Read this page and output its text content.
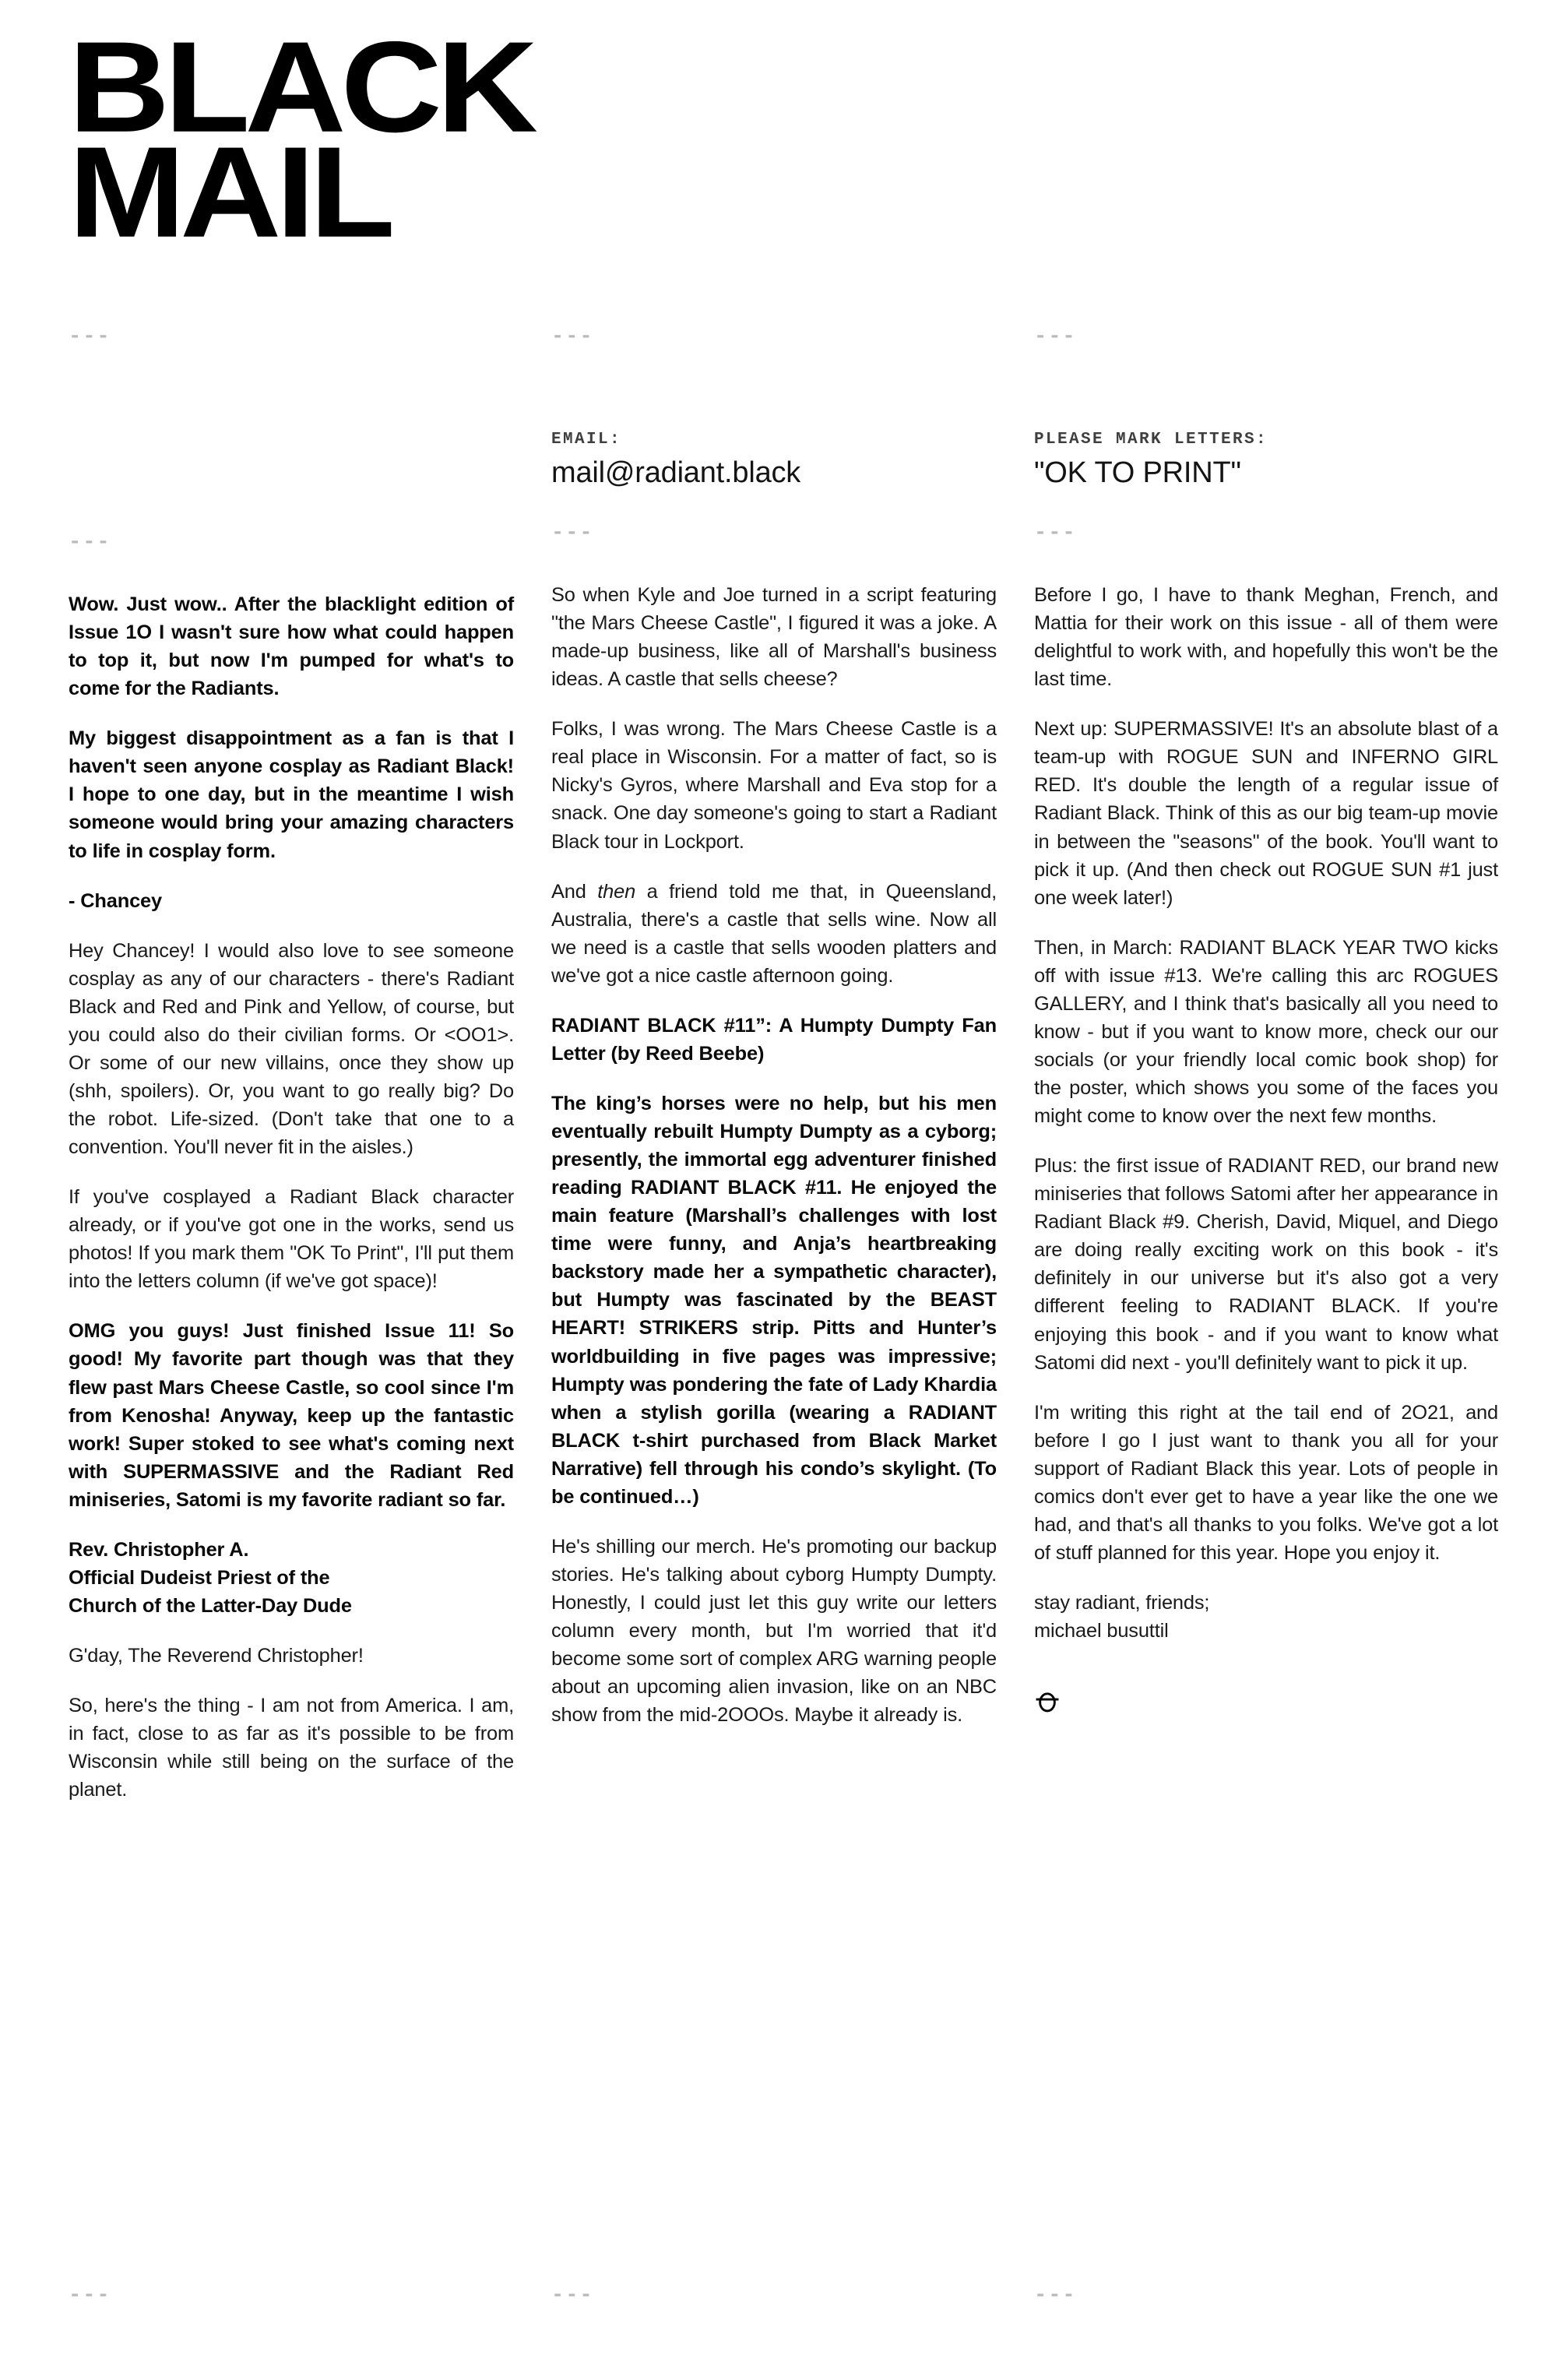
BLACK
MAIL
---
---

Wow. Just wow.. After the blacklight edition of Issue 1O I wasn't sure how what could happen to top it, but now I'm pumped for what's to come for the Radiants.

My biggest disappointment as a fan is that I haven't seen anyone cosplay as Radiant Black! I hope to one day, but in the meantime I wish someone would bring your amazing characters to life in cosplay form.

- Chancey

Hey Chancey! I would also love to see someone cosplay as any of our characters - there's Radiant Black and Red and Pink and Yellow, of course, but you could also do their civilian forms. Or <OO1>. Or some of our new villains, once they show up (shh, spoilers). Or, you want to go really big? Do the robot. Life-sized. (Don't take that one to a convention. You'll never fit in the aisles.)

If you've cosplayed a Radiant Black character already, or if you've got one in the works, send us photos! If you mark them "OK To Print", I'll put them into the letters column (if we've got space)!

OMG you guys! Just finished Issue 11! So good! My favorite part though was that they flew past Mars Cheese Castle, so cool since I'm from Kenosha! Anyway, keep up the fantastic work! Super stoked to see what's coming next with SUPERMASSIVE and the Radiant Red miniseries, Satomi is my favorite radiant so far.

Rev. Christopher A.
Official Dudeist Priest of the
Church of the Latter-Day Dude

G'day, The Reverend Christopher!

So, here's the thing - I am not from America. I am, in fact, close to as far as it's possible to be from Wisconsin while still being on the surface of the planet.

---
EMAIL:
mail@radiant.black
---

So when Kyle and Joe turned in a script featuring "the Mars Cheese Castle", I figured it was a joke. A made-up business, like all of Marshall's business ideas. A castle that sells cheese?

Folks, I was wrong. The Mars Cheese Castle is a real place in Wisconsin. For a matter of fact, so is Nicky's Gyros, where Marshall and Eva stop for a snack. One day someone's going to start a Radiant Black tour in Lockport.

And then a friend told me that, in Queensland, Australia, there's a castle that sells wine. Now all we need is a castle that sells wooden platters and we've got a nice castle afternoon going.

RADIANT BLACK #11”: A Humpty Dumpty Fan Letter (by Reed Beebe)

The king’s horses were no help, but his men eventually rebuilt Humpty Dumpty as a cyborg; presently, the immortal egg adventurer finished reading RADIANT BLACK #11. He enjoyed the main feature (Marshall’s challenges with lost time were funny, and Anja’s heartbreaking backstory made her a sympathetic character), but Humpty was fascinated by the BEAST HEART! STRIKERS strip. Pitts and Hunter’s worldbuilding in five pages was impressive; Humpty was pondering the fate of Lady Khardia when a stylish gorilla (wearing a RADIANT BLACK t-shirt purchased from Black Market Narrative) fell through his condo’s skylight. (To be continued…)

He's shilling our merch. He's promoting our backup stories. He's talking about cyborg Humpty Dumpty. Honestly, I could just let this guy write our letters column every month, but I'm worried that it'd become some sort of complex ARG warning people about an upcoming alien invasion, like on an NBC show from the mid-2OOOs. Maybe it already is.

---
PLEASE MARK LETTERS:
"OK TO PRINT"
---

Before I go, I have to thank Meghan, French, and Mattia for their work on this issue - all of them were delightful to work with, and hopefully this won't be the last time.

Next up: SUPERMASSIVE! It's an absolute blast of a team-up with ROGUE SUN and INFERNO GIRL RED. It's double the length of a regular issue of Radiant Black. Think of this as our big team-up movie in between the "seasons" of the book. You'll want to pick it up. (And then check out ROGUE SUN #1 just one week later!)

Then, in March: RADIANT BLACK YEAR TWO kicks off with issue #13. We're calling this arc ROGUES GALLERY, and I think that's basically all you need to know - but if you want to know more, check our our socials (or your friendly local comic book shop) for the poster, which shows you some of the faces you might come to know over the next few months.

Plus: the first issue of RADIANT RED, our brand new miniseries that follows Satomi after her appearance in Radiant Black #9. Cherish, David, Miquel, and Diego are doing really exciting work on this book - it's definitely in our universe but it's also got a very different feeling to RADIANT BLACK. If you're enjoying this book - and if you want to know what Satomi did next - you'll definitely want to pick it up.

I'm writing this right at the tail end of 2O21, and before I go I just want to thank you all for your support of Radiant Black this year. Lots of people in comics don't ever get to have a year like the one we had, and that's all thanks to you folks. We've got a lot of stuff planned for this year. Hope you enjoy it.

stay radiant, friends;
michael busuttil

---	---	---
